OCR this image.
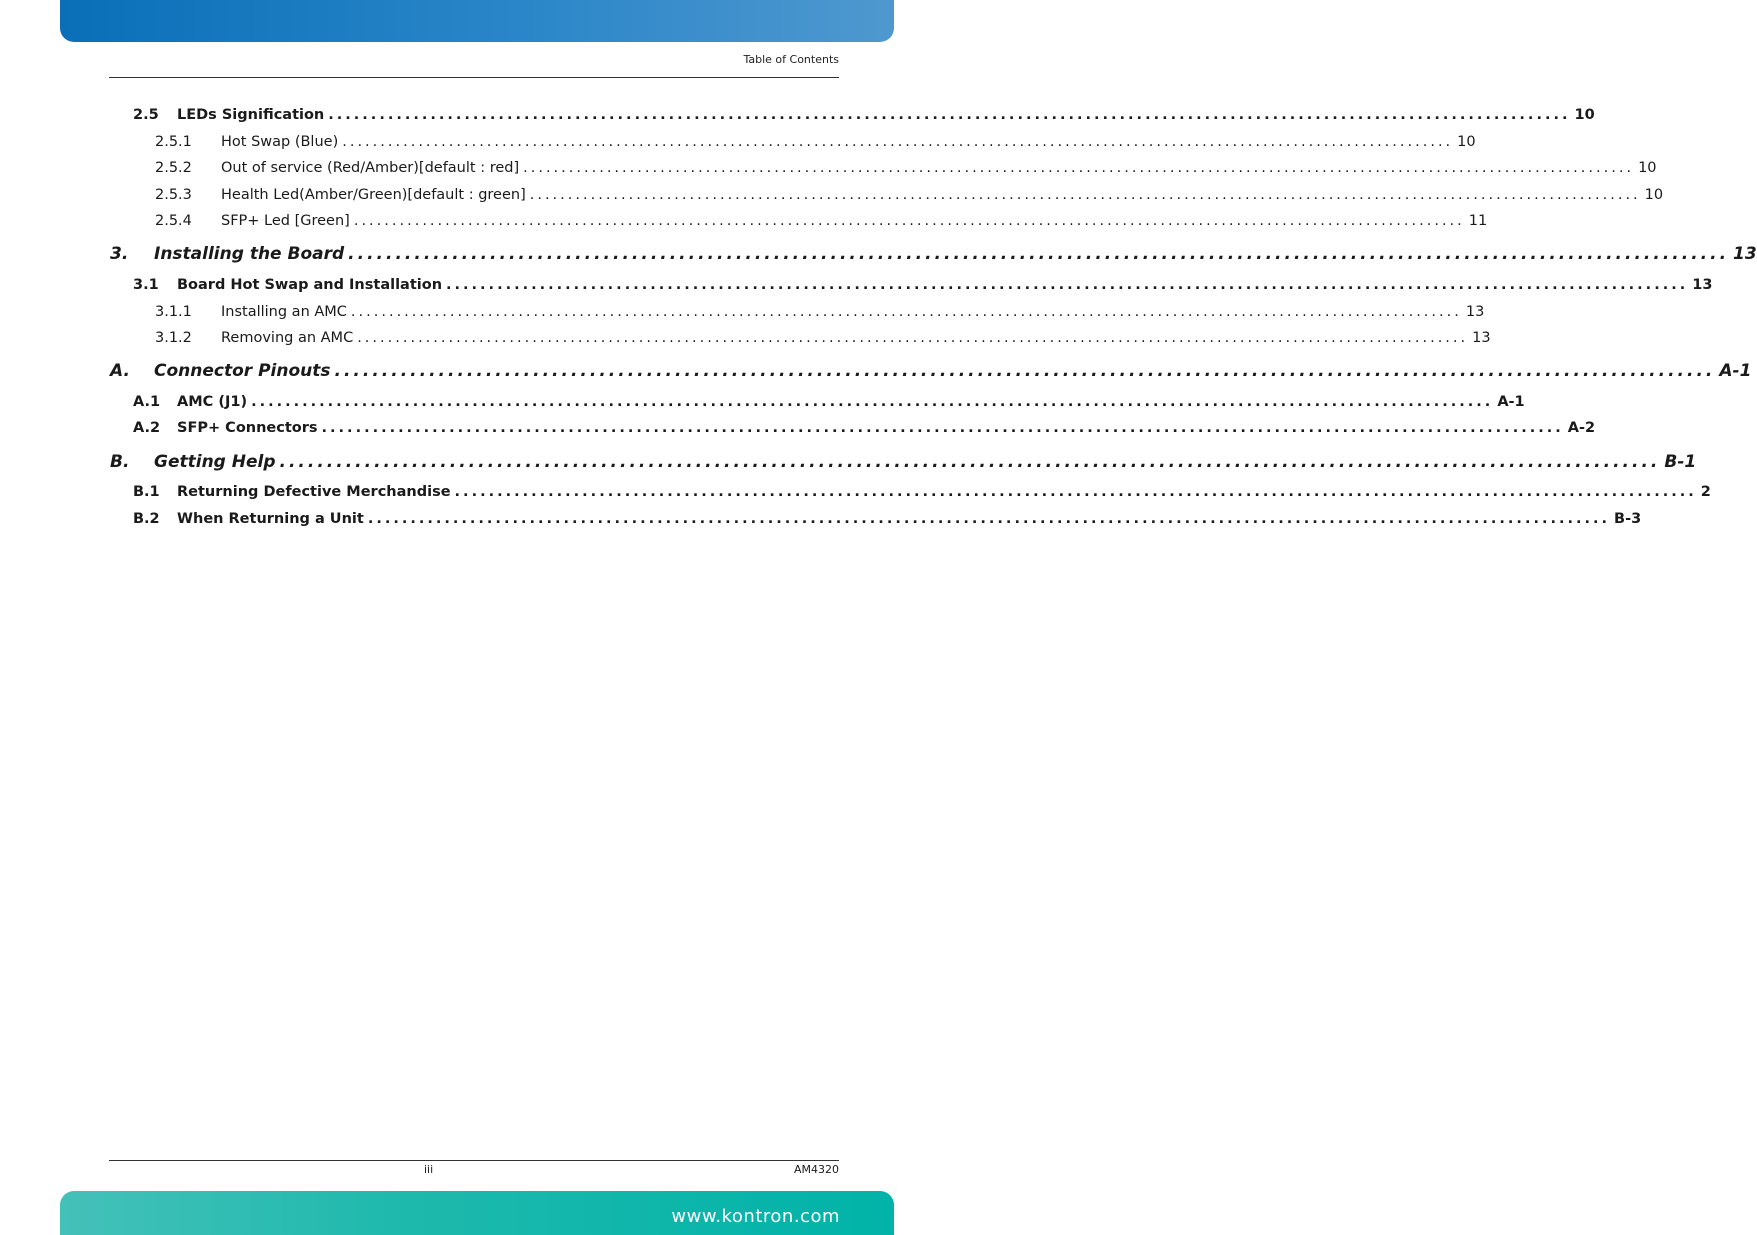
Table of Contents
2.5 LEDs Signification .................................................................................................................................................. 10
2.5.1 Hot Swap (Blue) .................................................................................................................................................. 10
2.5.2 Out of service (Red/Amber)[default : red] .................................................................................................................................................. 10
2.5.3 Health Led(Amber/Green)[default : green] .................................................................................................................................................. 10
2.5.4 SFP+ Led [Green] .................................................................................................................................................. 11
3. Installing the Board .................................................................................................................................................. 13
3.1 Board Hot Swap and Installation .................................................................................................................................................. 13
3.1.1 Installing an AMC .................................................................................................................................................. 13
3.1.2 Removing an AMC .................................................................................................................................................. 13
A. Connector Pinouts .................................................................................................................................................. A-1
A.1 AMC (J1) .................................................................................................................................................. A-1
A.2 SFP+ Connectors .................................................................................................................................................. A-2
B. Getting Help .................................................................................................................................................. B-1
B.1 Returning Defective Merchandise .................................................................................................................................................. 2
B.2 When Returning a Unit .................................................................................................................................................. B-3
iii	AM4320
www.kontron.com
